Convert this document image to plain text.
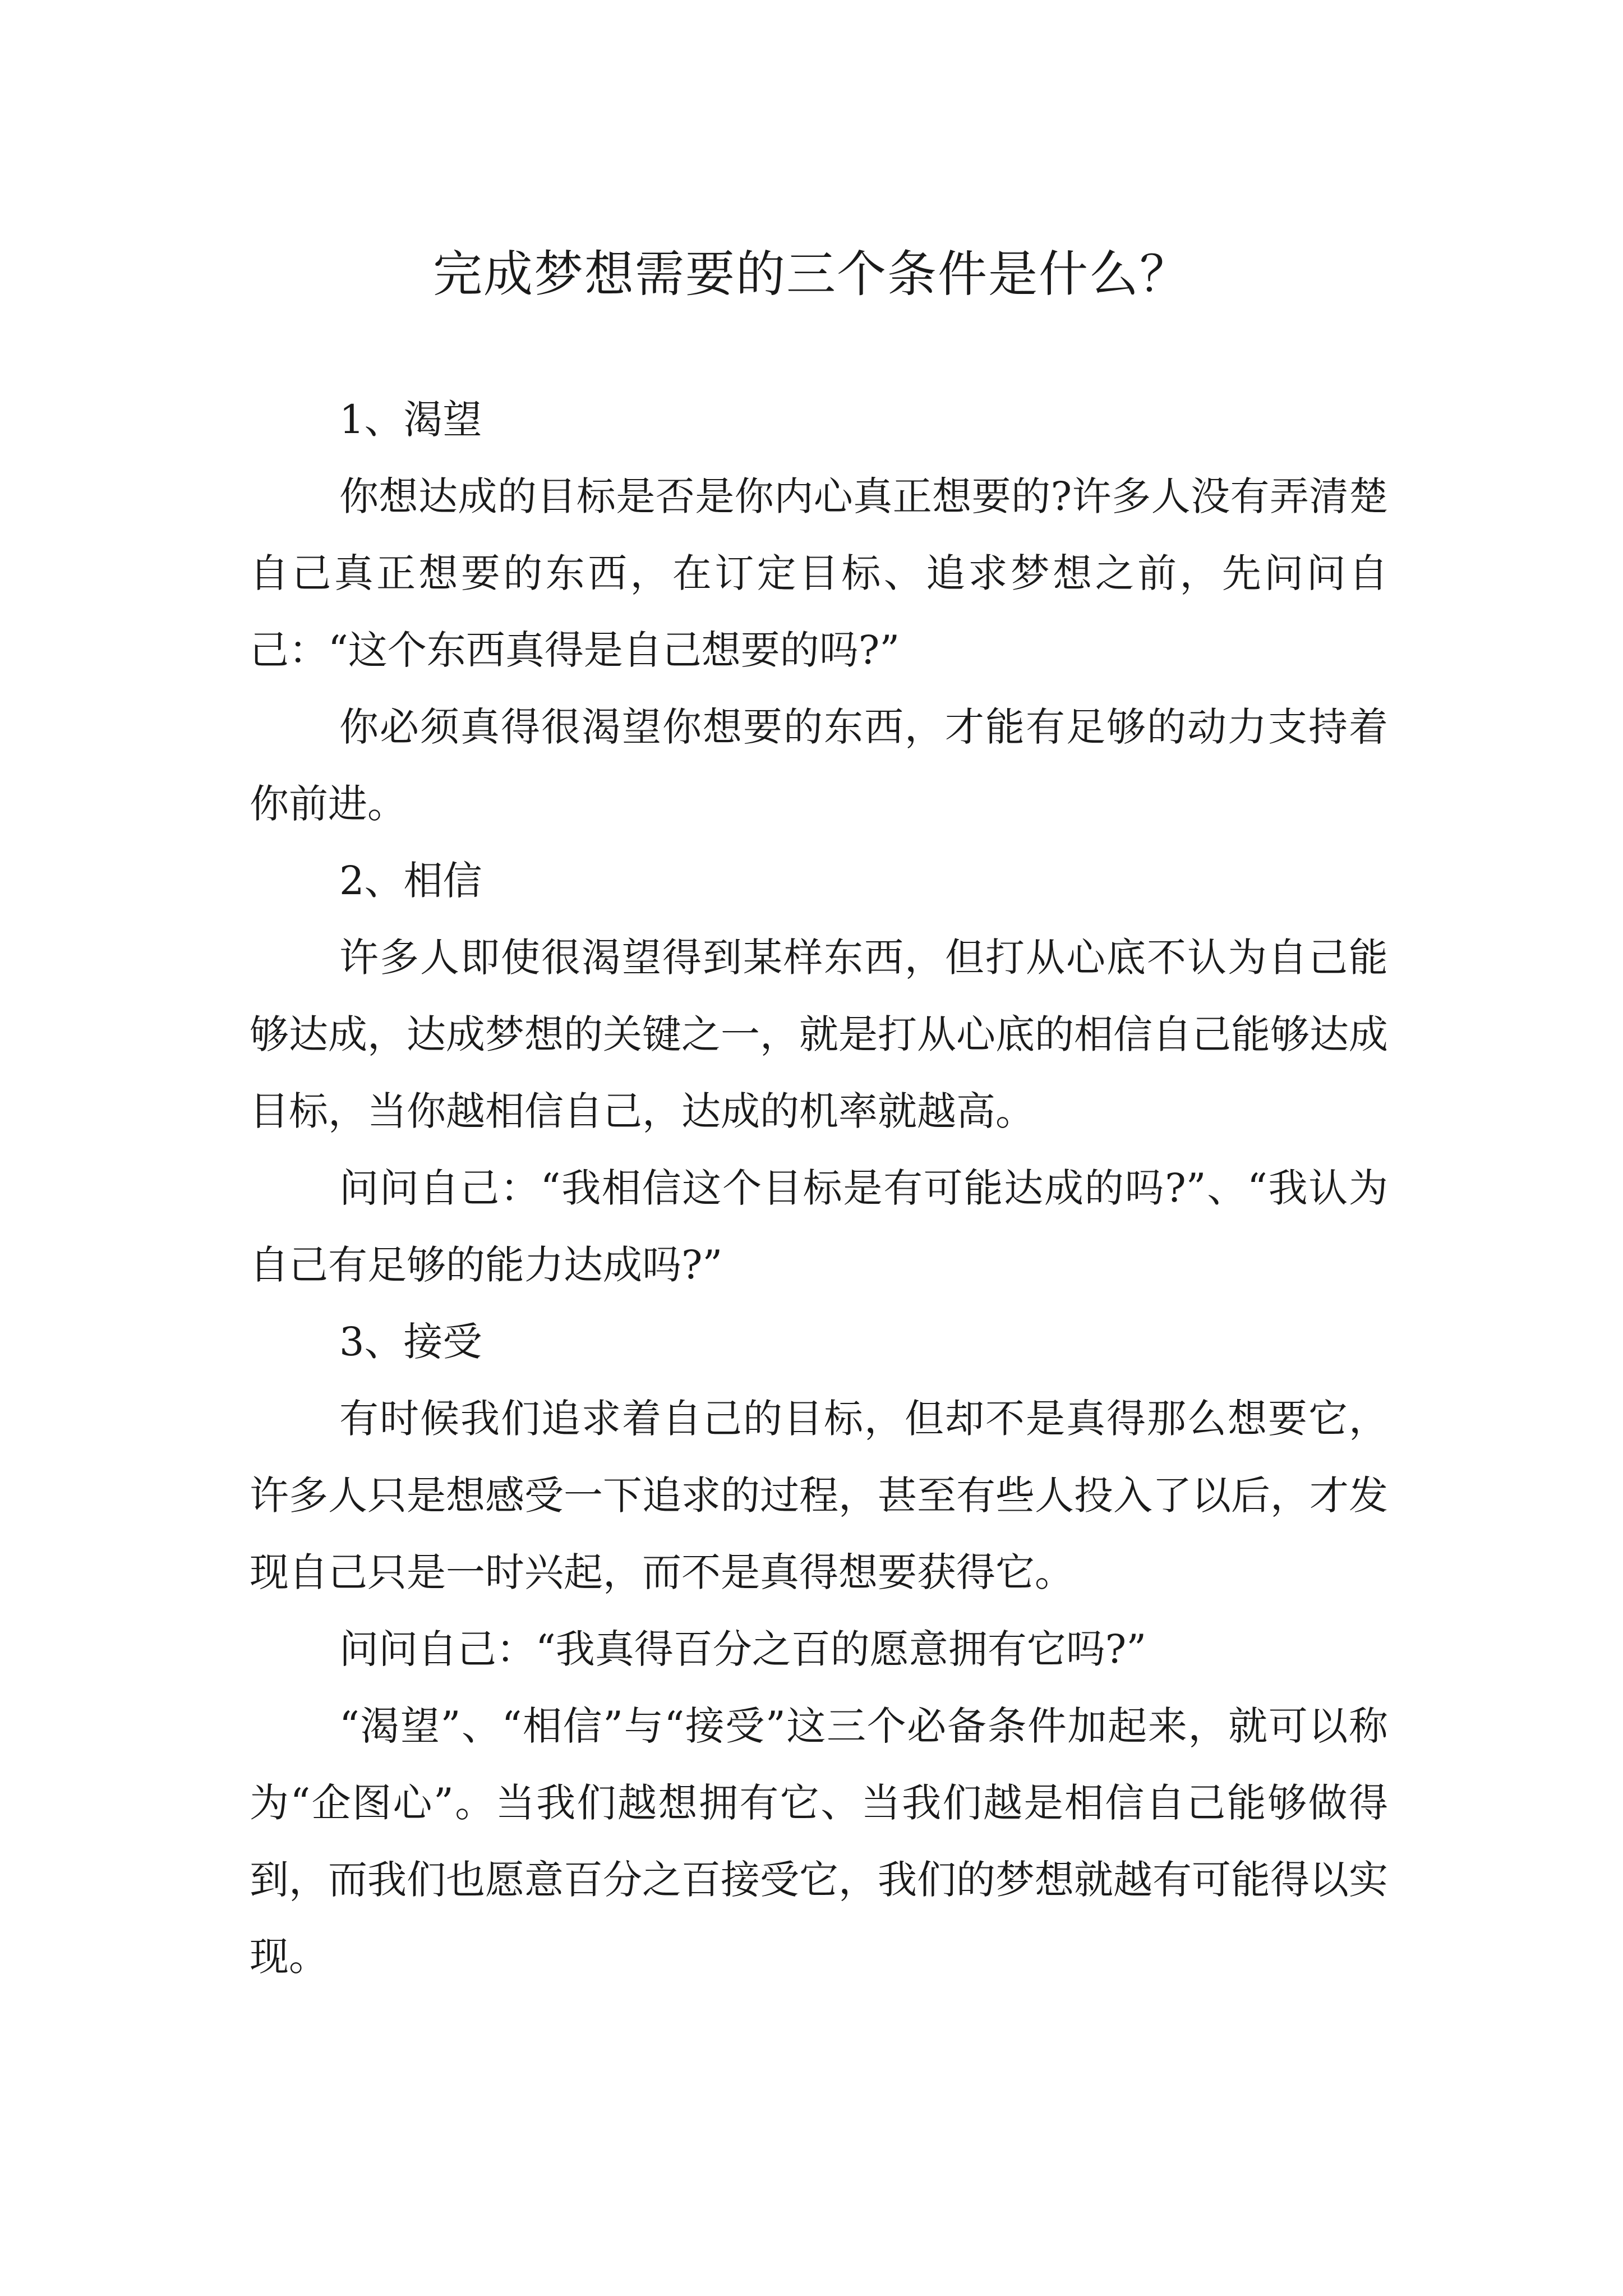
完成梦想需要的三个条件是什么？

1、渴望

你想达成的目标是否是你内心真正想要的?许多人没有弄清楚自己真正想要的东西，在订定目标、追求梦想之前，先问问自己：“这个东西真得是自己想要的吗?”

你必须真得很渴望你想要的东西，才能有足够的动力支持着你前进。

2、相信

许多人即使很渴望得到某样东西，但打从心底不认为自己能够达成，达成梦想的关键之一，就是打从心底的相信自己能够达成目标，当你越相信自己，达成的机率就越高。

问问自己：“我相信这个目标是有可能达成的吗?”、“我认为自己有足够的能力达成吗?”

3、接受

有时候我们追求着自己的目标，但却不是真得那么想要它，许多人只是想感受一下追求的过程，甚至有些人投入了以后，才发现自己只是一时兴起，而不是真得想要获得它。

问问自己：“我真得百分之百的愿意拥有它吗?”

“渴望”、“相信”与“接受”这三个必备条件加起来，就可以称为“企图心”。当我们越想拥有它、当我们越是相信自己能够做得到，而我们也愿意百分之百接受它，我们的梦想就越有可能得以实现。
